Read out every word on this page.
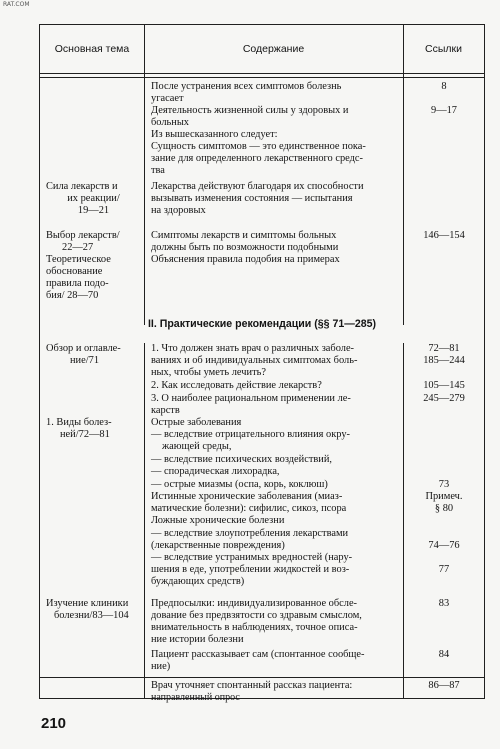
RAT.COM
Основная тема	Содержание	Ссылки
Сила лекарств и
их реакции/
19—21
Выбор лекарств/
22—27
Теоретическое
обоснование
правила подо-
бия/ 28—70
Обзор и оглавле-
ние/71
1. Виды болез-
ней/72—81
Изучение клиники
болезни/83—104
После устранения всех симптомов болезнь
угасает
Деятельность жизненной силы у здоровых и
больных
Из вышесказанного следует:
Сущность симптомов — это единственное пока-
зание для определенного лекарственного средс-
тва
Лекарства действуют благодаря их способности
вызывать изменения состояния — испытания
на здоровых
Симптомы лекарств и симптомы больных
должны быть по возможности подобными
Объяснения правила подобия на примерах
II. Практические рекомендации (§§ 71—285)
1. Что должен знать врач о различных заболе-
ваниях и об индивидуальных симптомах боль-
ных, чтобы уметь лечить?
2. Как исследовать действие лекарств?
3. О наиболее рациональном применении ле-
карств
Острые заболевания
— вследствие отрицательного влияния окру-
жающей среды,
— вследствие психических воздействий,
— спорадическая лихорадка,
— острые миазмы (оспа, корь, коклюш)
Истинные хронические заболевания (миаз-
матические болезни): сифилис, сикоз, псора
Ложные хронические болезни
— вследствие злоупотребления лекарствами
(лекарственные повреждения)
— вследствие устранимых вредностей (нару-
шения в еде, употреблении жидкостей и воз-
буждающих средств)
Предпосылки: индивидуализированное обсле-
дование без предвзятости со здравым смыслом,
внимательность в наблюдениях, точное описа-
ние истории болезни
Пациент рассказывает сам (спонтанное сообще-
ние)
Врач уточняет спонтанный рассказ пациента:
направленный опрос
8
9—17
146—154
72—81
185—244
105—145
245—279
73
Примеч.
§ 80
74—76
77
83
84
86—87
210
